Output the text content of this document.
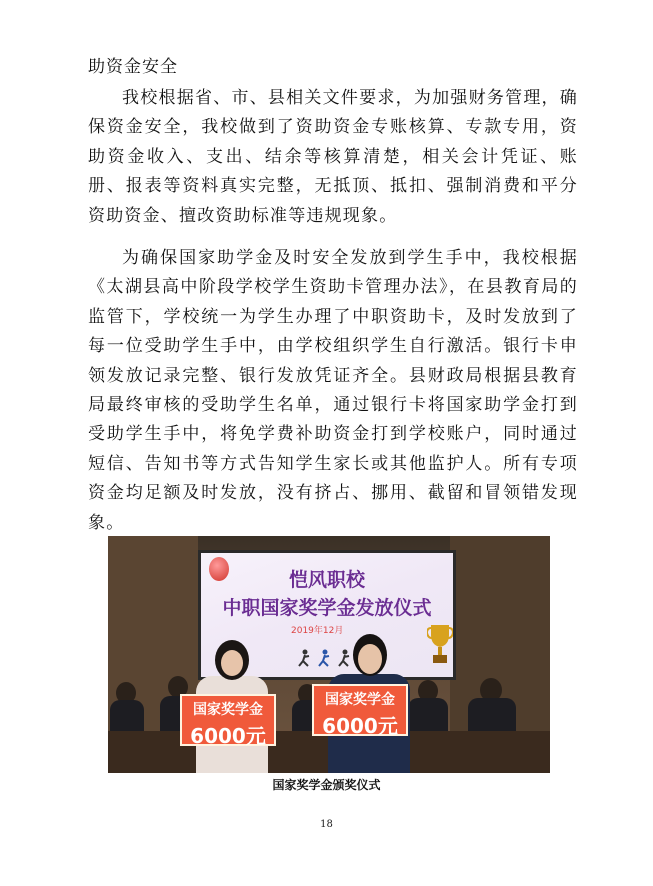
助资金安全

我校根据省、市、县相关文件要求，为加强财务管理，确保资金安全，我校做到了资助资金专账核算、专款专用，资助资金收入、支出、结余等核算清楚，相关会计凭证、账册、报表等资料真实完整，无抵顶、抵扣、强制消费和平分资助资金、擅改资助标准等违规现象。

为确保国家助学金及时安全发放到学生手中，我校根据《太湖县高中阶段学校学生资助卡管理办法》，在县教育局的监管下，学校统一为学生办理了中职资助卡，及时发放到了每一位受助学生手中，由学校组织学生自行激活。银行卡申领发放记录完整、银行发放凭证齐全。县财政局根据县教育局最终审核的受助学生名单，通过银行卡将国家助学金打到受助学生手中，将免学费补助资金打到学校账户，同时通过短信、告知书等方式告知学生家长或其他监护人。所有专项资金均足额及时发放，没有挤占、挪用、截留和冒领错发现象。

恺风职校
中职国家奖学金发放仪式
2019年12月
国家奖学金
6000元
国家奖学金
6000元
国家奖学金颁奖仪式
18
